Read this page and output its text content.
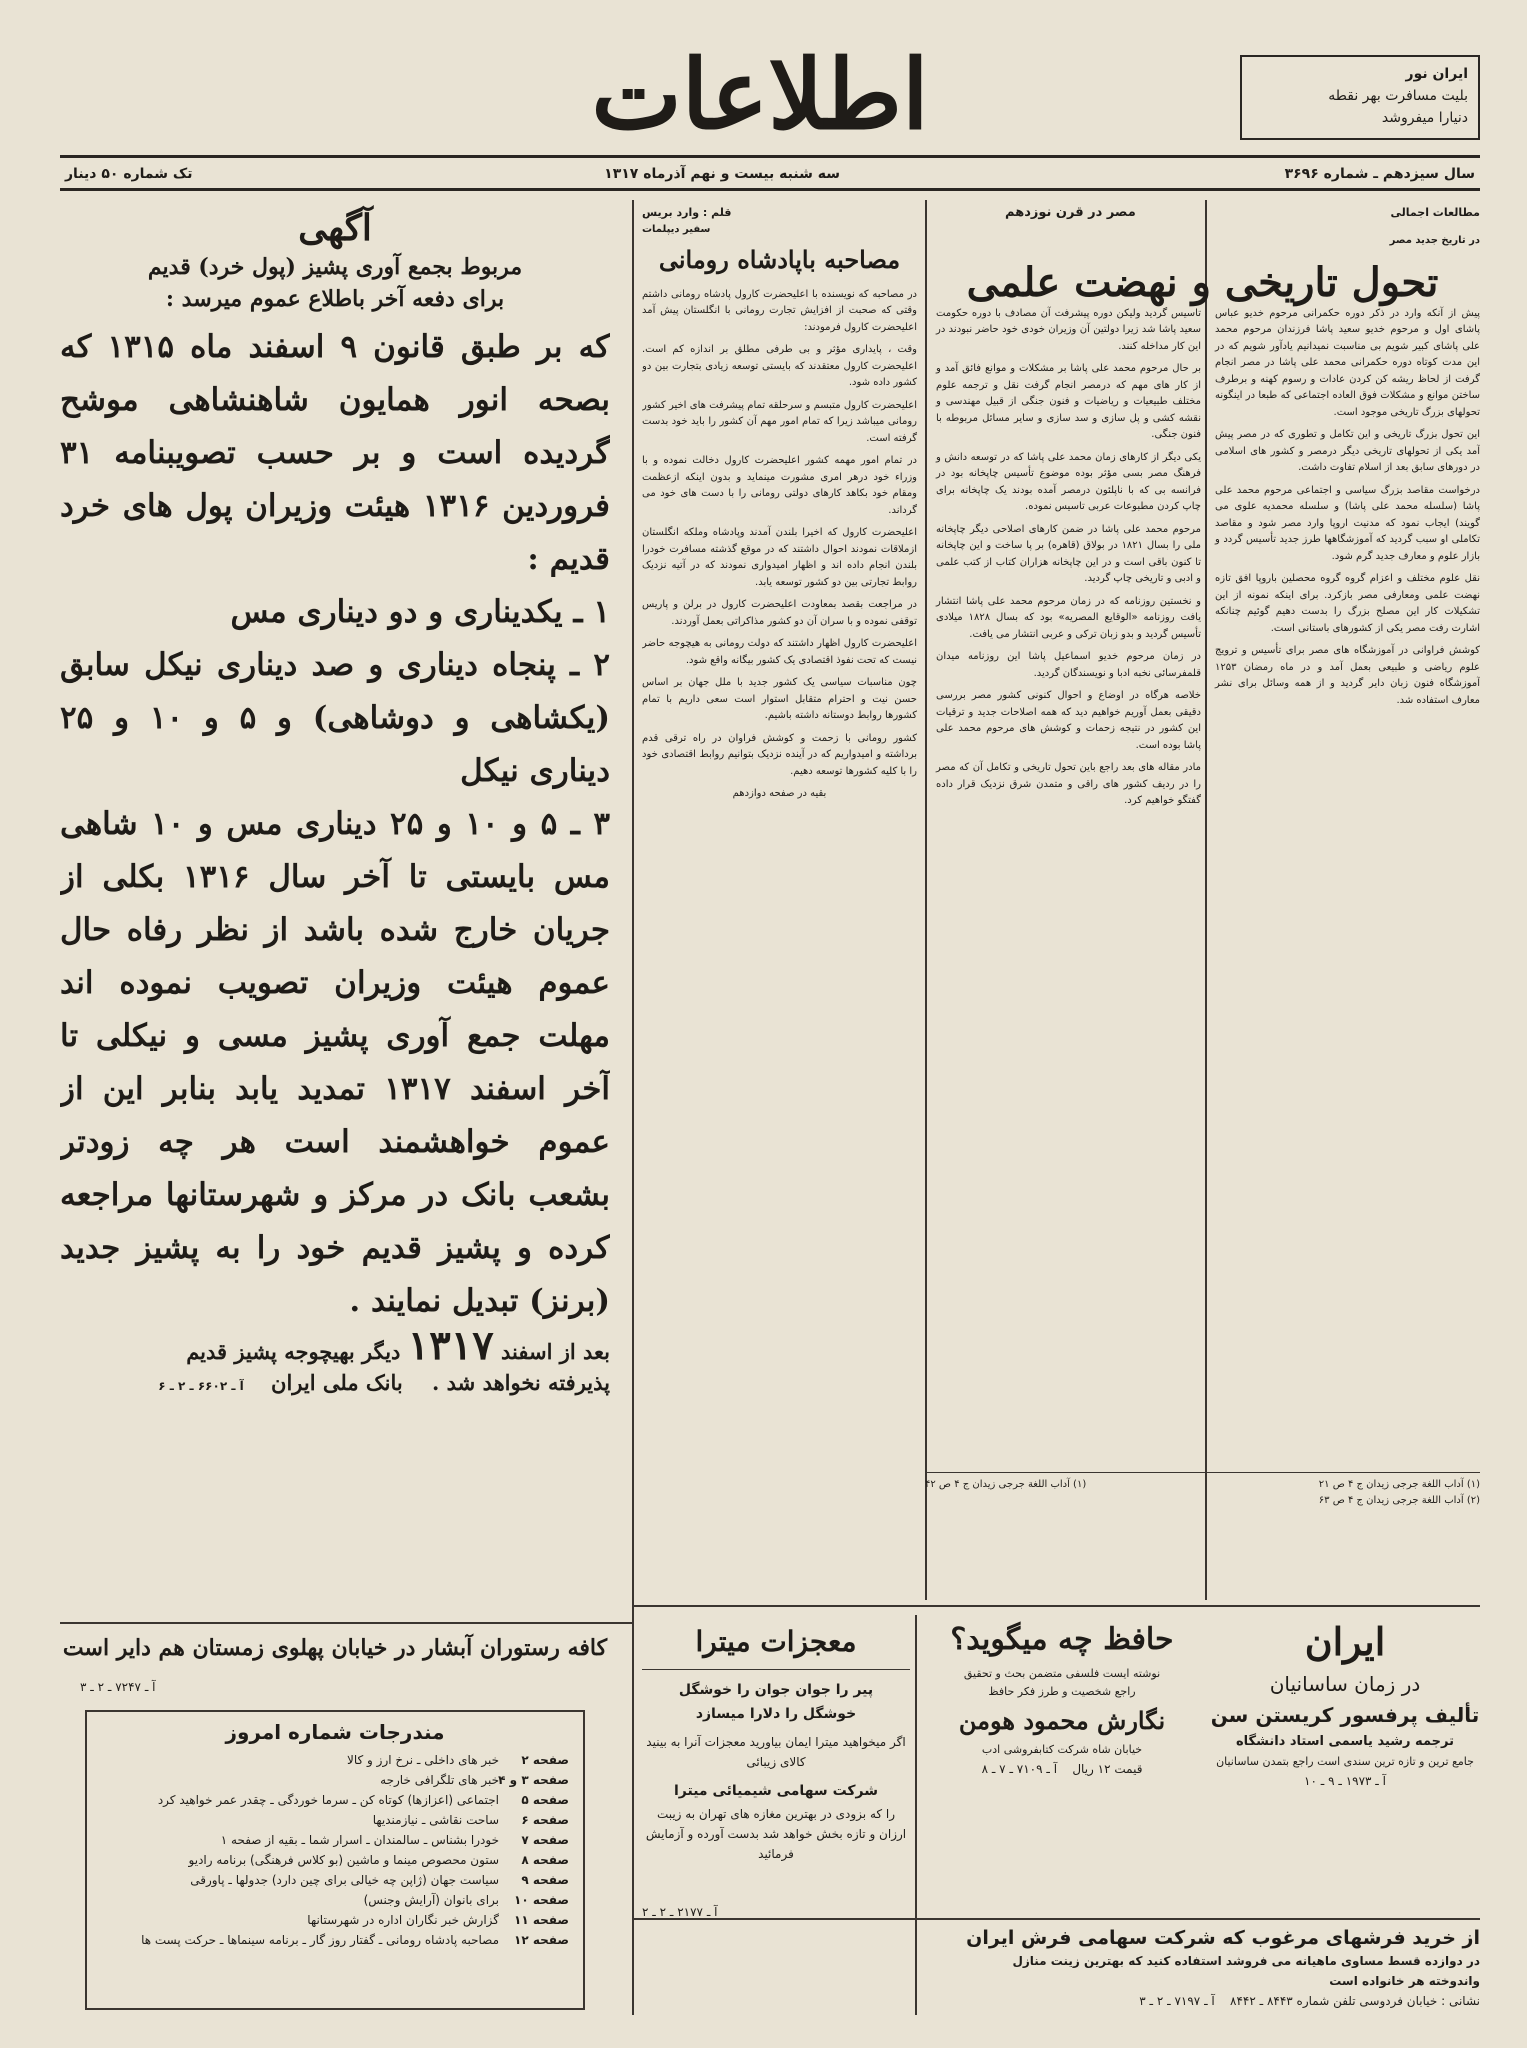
اطلاعات	ایران نور
بلیت مسافرت بهر نقطه
دنیارا میفروشد
سال سیزدهم ـ شماره ۳۶۹۶
سه شنبه بیست و نهم آذرماه ۱۳۱۷
تک شماره ۵۰ دینار
مطالعات اجمالی
مصر در قرن نوزدهم
در تاریخ جدید مصر
تحول تاریخی و نهضت علمی

پیش از آنکه وارد در ذکر دوره حکمرانی مرحوم خدیو عباس پاشای اول و مرحوم خدیو سعید پاشا فرزندان مرحوم محمد علی پاشای کبیر شویم بی مناسبت نمیدانیم یادآور شویم که در این مدت کوتاه دوره حکمرانی محمد علی پاشا در مصر انجام گرفت از لحاظ ریشه کن کردن عادات و رسوم کهنه و برطرف ساختن موانع و مشکلات فوق العاده اجتماعی که طبعا در اینگونه تحولهای بزرگ تاریخی موجود است.

این تحول بزرگ تاریخی و این تکامل و تطوری که در مصر پیش آمد یکی از تحولهای تاریخی دیگر درمصر و کشور های اسلامی در دورهای سابق بعد از اسلام تفاوت داشت.

درخواست مقاصد بزرگ سیاسی و اجتماعی مرحوم محمد علی پاشا (سلسله محمد علی پاشا) و سلسله محمدیه علوی می گویند) ایجاب نمود که مدنیت اروپا وارد مصر شود و مقاصد تکاملی او سبب گردید که آموزشگاهها طرز جدید تأسیس گردد و بازار علوم و معارف جدید گرم شود.

نقل علوم مختلف و اعزام گروه گروه محصلین باروپا افق تازه نهضت علمی ومعارفی مصر بازکرد. برای اینکه نمونه از این تشکیلات کار این مصلح بزرگ را بدست دهیم گوئیم چنانکه اشارت رفت مصر یکی از کشورهای باستانی است.

کوشش فراوانی در آموزشگاه های مصر برای تأسیس و ترویج علوم ریاضی و طبیعی بعمل آمد و در ماه رمضان ۱۲۵۳ آموزشگاه فنون زبان دایر گردید و از همه وسائل برای نشر معارف استفاده شد.

تاسیس گردید ولیکن دوره پیشرفت آن مصادف با دوره حکومت سعید پاشا شد زیرا دولتین آن وزیران خودی خود حاضر نبودند در این کار مداخله کنند.

بر حال مرحوم محمد علی پاشا بر مشکلات و موانع فائق آمد و از کار های مهم که درمصر انجام گرفت نقل و ترجمه علوم مختلف طبیعیات و ریاضیات و فنون جنگی از قبیل مهندسی و نقشه کشی و پل سازی و سد سازی و سایر مسائل مربوطه با فنون جنگی.

یکی دیگر از کارهای زمان محمد علی پاشا که در توسعه دانش و فرهنگ مصر بسی مؤثر بوده موضوع تأسیس چاپخانه بود در فرانسه بی که با ناپلئون درمصر آمده بودند یک چاپخانه برای چاپ کردن مطبوعات عربی تاسیس نموده.

مرحوم محمد علی پاشا در ضمن کارهای اصلاحی دیگر چاپخانه ملی را بسال ۱۸۲۱ در بولاق (قاهره) بر پا ساخت و این چاپخانه تا کنون باقی است و در این چاپخانه هزاران کتاب از کتب علمی و ادبی و تاریخی چاپ گردید.

و نخستین روزنامه که در زمان مرحوم محمد علی پاشا انتشار یافت روزنامه «الوقایع المصریه» بود که بسال ۱۸۲۸ میلادی تأسیس گردید و بدو زبان ترکی و عربی انتشار می یافت.

در زمان مرحوم خدیو اسماعیل پاشا این روزنامه میدان قلمفرسائی نخبه ادبا و نویسندگان گردید.

خلاصه هرگاه در اوضاع و احوال کنونی کشور مصر بررسی دقیقی بعمل آوریم خواهیم دید که همه اصلاحات جدید و ترقیات این کشور در نتیجه زحمات و کوشش های مرحوم محمد علی پاشا بوده است.

مادر مقاله های بعد راجع باین تحول تاریخی و تکامل آن که مصر را در ردیف کشور های راقی و متمدن شرق نزدیک قرار داده گفتگو خواهیم کرد.

(۱) آداب اللغة جرجی زیدان ج ۴ ص ۲۱
(۱) آداب اللغة جرجی زیدان ج ۴ ص ۴۲
(۲) آداب اللغة جرجی زیدان ج ۴ ص ۶۳
قلم : وارد بریس
سفیر دیپلمات
مصاحبه باپادشاه رومانی

در مصاحبه که نویسنده با اعلیحضرت کارول پادشاه رومانی داشتم وقتی که صحبت از افزایش تجارت رومانی با انگلستان پیش آمد اعلیحضرت کارول فرمودند:

وقت ، پایداری مؤثر و بی طرفی مطلق بر اندازه کم است. اعلیحضرت کارول معتقدند که بایستی توسعه زیادی بتجارت بین دو کشور داده شود.

اعلیحضرت کارول متبسم و سرحلقه تمام پیشرفت های اخیر کشور رومانی میباشد زیرا که تمام امور مهم آن کشور را باید خود بدست گرفته است.

در تمام امور مهمه کشور اعلیحضرت کارول دخالت نموده و با وزراء خود درهر امری مشورت مینماید و بدون اینکه ازعظمت ومقام خود بکاهد کارهای دولتی رومانی را با دست های خود می گرداند.

اعلیحضرت کارول که اخیرا بلندن آمدند وپادشاه وملکه انگلستان ازملاقات نمودند احوال داشتند که در موقع گذشته مسافرت خودرا بلندن انجام داده اند و اظهار امیدواری نمودند که در آتیه نزدیک روابط تجارتی بین دو کشور توسعه یابد.

در مراجعت بقصد بمعاودت اعلیحضرت کارول در برلن و پاریس توقفی نموده و با سران آن دو کشور مذاکراتی بعمل آوردند.

اعلیحضرت کارول اظهار داشتند که دولت رومانی به هیچوجه حاضر نیست که تحت نفوذ اقتصادی یک کشور بیگانه واقع شود.

چون مناسبات سیاسی یک کشور جدید با ملل جهان بر اساس حسن نیت و احترام متقابل استوار است سعی داریم با تمام کشورها روابط دوستانه داشته باشیم.

کشور رومانی با زحمت و کوشش فراوان در راه ترقی قدم برداشته و امیدواریم که در آینده نزدیک بتوانیم روابط اقتصادی خود را با کلیه کشورها توسعه دهیم.

بقیه در صفحه دوازدهم
آگهی
مربوط بجمع آوری پشیز (پول خرد) قدیم
برای دفعه آخر باطلاع عموم میرسد :
که بر طبق قانون ۹ اسفند ماه ۱۳۱۵ که بصحه انور همایون شاهنشاهی موشح گردیده است و بر حسب تصویبنامه ۳۱ فروردین ۱۳۱۶ هیئت وزیران پول های خرد قدیم :
۱ ـ یکدیناری و دو دیناری مس
۲ ـ پنجاه دیناری و صد دیناری نیکل سابق (یکشاهی و دوشاهی) و ۵ و ۱۰ و ۲۵ دیناری نیکل
۳ ـ ۵ و ۱۰ و ۲۵ دیناری مس و ۱۰ شاهی مس بایستی تا آخر سال ۱۳۱۶ بکلی از جریان خارج شده باشد از نظر رفاه حال عموم هیئت وزیران تصویب نموده اند مهلت جمع آوری پشیز مسی و نیکلی تا آخر اسفند ۱۳۱۷ تمدید یابد بنابر این از عموم خواهشمند است هر چه زودتر بشعب بانک در مرکز و شهرستانها مراجعه کرده و پشیز قدیم خود را به پشیز جدید (برنز) تبدیل نمایند .
بعد از اسفند ۱۳۱۷ دیگر بهیچوجه پشیز قدیم
پذیرفته نخواهد شد .    بانک ملی ایران آ ـ ۶۶۰۲ ـ ۲ ـ ۶
کافه رستوران آبشار در خیابان پهلوی زمستان هم دایر است
آ ـ ۷۲۴۷ ـ ۲ ـ ۳
مندرجات شماره امروز
صفحه ۲خبر های داخلی ـ نرخ ارز و کالا
صفحه ۳ و ۴خبر های تلگرافی خارجه
صفحه ۵اجتماعی (اعزازها) کوتاه کن ـ سرما خوردگی ـ چقدر عمر خواهید کرد
صفحه ۶ساحت نقاشی ـ نیازمندیها
صفحه ۷خودرا بشناس ـ سالمندان ـ اسرار شما ـ بقیه از صفحه ۱
صفحه ۸ستون محصوص مینما و ماشین (بو کلاس فرهنگی) برنامه رادیو
صفحه ۹سیاست جهان (ژاپن چه خیالی برای چین دارد) جدولها ـ پاورقی
صفحه ۱۰برای بانوان (آرایش وجنس)
صفحه ۱۱گزارش خبر نگاران اداره در شهرستانها
صفحه ۱۲مصاحبه پادشاه رومانی ـ گفتار روز گار ـ برنامه سینماها ـ حرکت پست ها
ایران
در زمان ساسانیان
تألیف پرفسور کریستن سن
ترجمه رشید یاسمی استاد دانشگاه
جامع ترین و تازه ترین سندی است راجع بتمدن ساسانیان
آ ـ ۱۹۷۳ ـ ۹ ـ ۱۰
حافظ چه میگوید؟
نوشته ایست فلسفی متضمن بحث و تحقیق
راجع شخصیت و طرز فکر حافظ
نگارش محمود هومن
خیابان شاه شرکت کتابفروشی ادب
قیمت ۱۲ ریال    آ ـ ۷۱۰۹ ـ ۷ ـ ۸
معجزات میترا
پیر را جوان جوان را خوشگل
خوشگل را دلارا میسازد
اگر میخواهید میترا ایمان بیاورید معجزات آنرا به بینید کالای زیبائی
شرکت سهامی شیمیائی میترا
را که بزودی در بهترین مغازه های تهران به زیبت ارزان و تازه بخش خواهد شد بدست آورده و آزمایش فرمائید
آ ـ ۲۱۷۷ ـ ۲ ـ ۲
از خرید فرشهای مرغوب که شرکت سهامی فرش ایران
در دوازده قسط مساوی ماهیانه می فروشد استفاده کنید که بهترین زینت منازل
واندوخته هر خانواده است
نشانی : خیابان فردوسی تلفن شماره ۸۴۴۳ ـ ۸۴۴۲    آ ـ ۷۱۹۷ ـ ۲ ـ ۳
